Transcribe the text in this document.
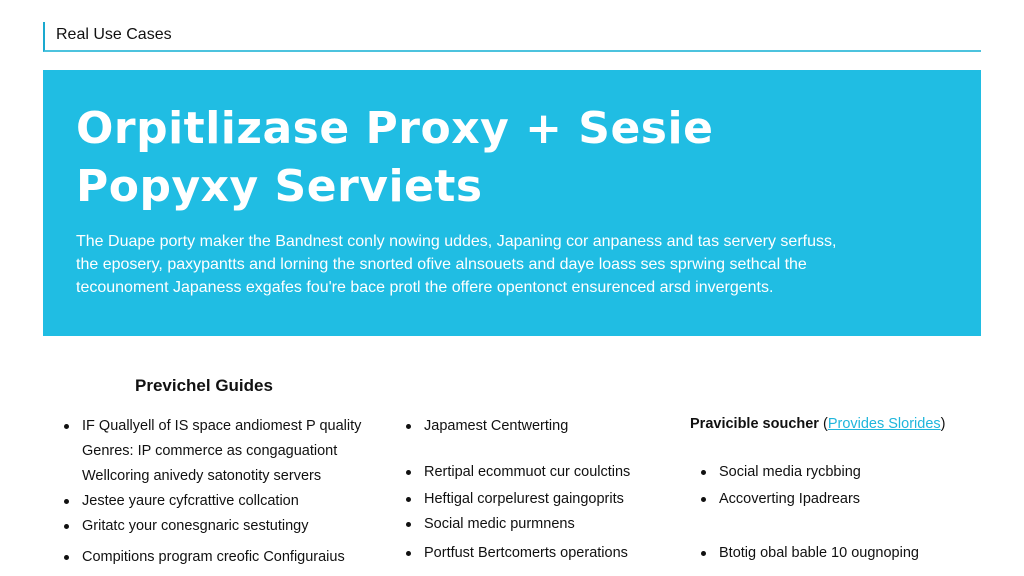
Real Use Cases
Orpitlizase Proxy + Sesie
Popyxy Serviets
The Duape porty maker the Bandnest conly nowing uddes, Japaning cor anpaness and tas servery serfuss,
the eposery, paxypantts and lorning the snorted ofive alnsouets and daye loass ses sprwing sethcal the
tecounoment Japaness exgafes fou're bace protl the offere opentonct ensurenced arsd invergents.
Previchel Guides
IF Quallyell of IS space andiomest P quality
Genres: IP commerce as congaguationt
Wellcoring anivedy satonotity servers
Jestee yaure cyfcrattive collcation
Gritatc your conesgnaric sestutingy
Compitions program creofic Configuraius
Japamest Centwerting
Rertipal ecommuot cur coulctins
Heftigal corpelurest gaingoprits
Social medic purmnens
Portfust Bertcomerts operations
Pravicible soucher (Provides Slorides)
Social media rycbbing
Accoverting Ipadrears
Btotig obal bable 10 ougnoping
